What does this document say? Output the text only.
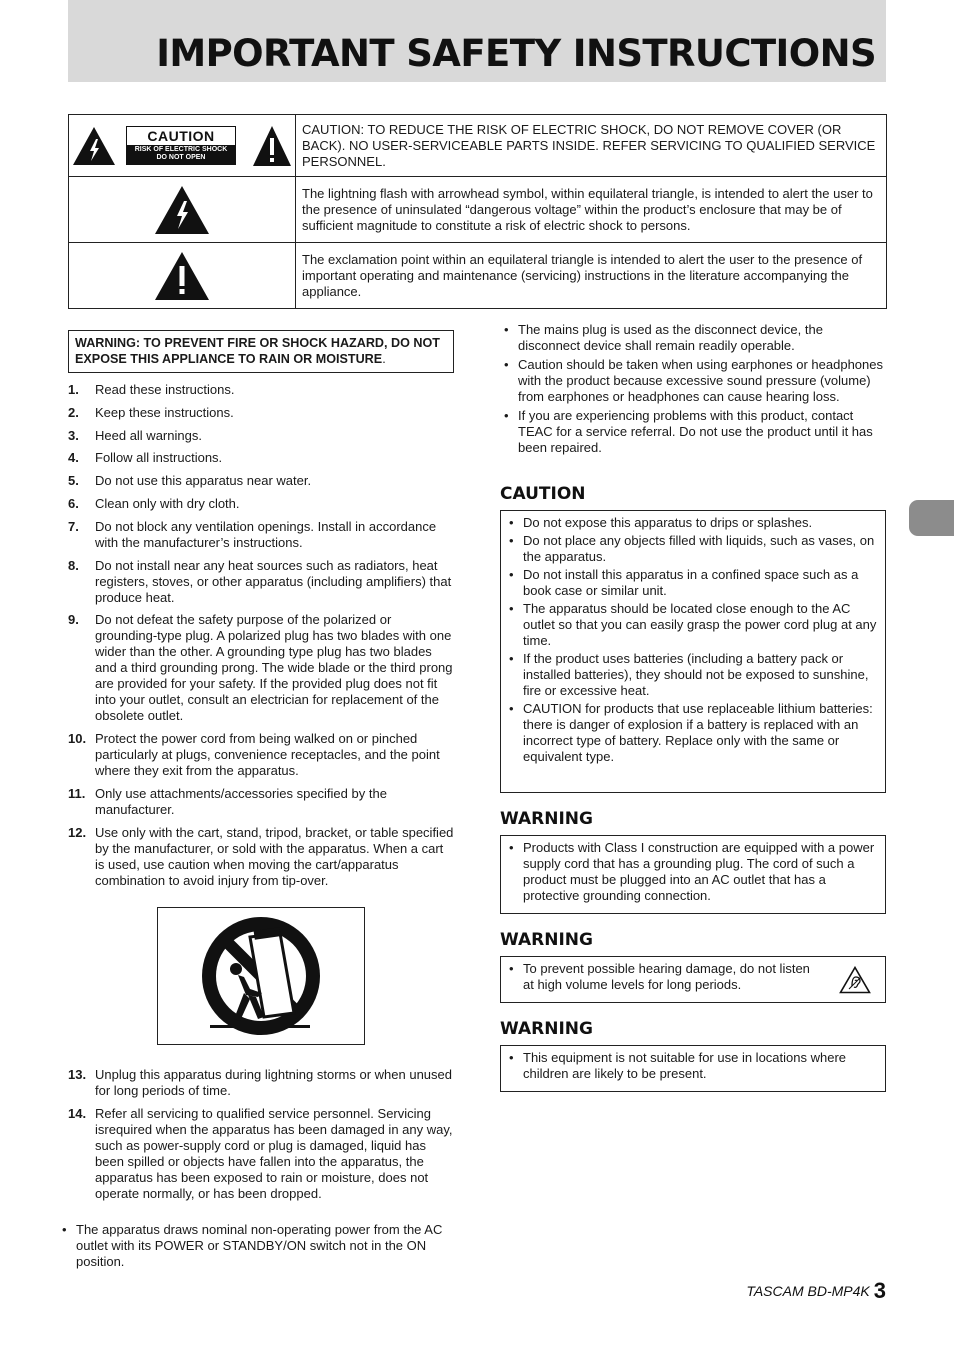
IMPORTANT SAFETY INSTRUCTIONS

CAUTION
RISK OF ELECTRIC SHOCK
DO NOT OPEN	CAUTION: TO REDUCE THE RISK OF ELECTRIC SHOCK, DO NOT REMOVE COVER (OR BACK). NO USER-SERVICEABLE PARTS INSIDE. REFER SERVICING TO QUALIFIED SERVICE PERSONNEL.
	The lightning flash with arrowhead symbol, within equilateral triangle, is intended to alert the user to the presence of uninsulated “dangerous voltage” within the product’s enclosure that may be of sufficient magnitude to constitute a risk of electric shock to persons.
	The exclamation point within an equilateral triangle is intended to alert the user to the presence of important operating and maintenance (servicing) instructions in the literature accompanying the appliance.
WARNING: TO PREVENT FIRE OR SHOCK HAZARD, DO NOT EXPOSE THIS APPLIANCE TO RAIN OR MOISTURE.
1. Read these instructions.
2. Keep these instructions.
3. Heed all warnings.
4. Follow all instructions.
5. Do not use this apparatus near water.
6. Clean only with dry cloth.
7. Do not block any ventilation openings. Install in accordance with the manufacturer’s instructions.
8. Do not install near any heat sources such as radiators, heat registers, stoves, or other apparatus (including amplifiers) that produce heat.
9. Do not defeat the safety purpose of the polarized or grounding-type plug. A polarized plug has two blades with one wider than the other. A grounding type plug has two blades and a third grounding prong. The wide blade or the third prong are provided for your safety. If the provided plug does not fit into your outlet, consult an electrician for replacement of the obsolete outlet.
10. Protect the power cord from being walked on or pinched particularly at plugs, convenience receptacles, and the point where they exit from the apparatus.
11. Only use attachments/accessories specified by the manufacturer.
12. Use only with the cart, stand, tripod, bracket, or table specified by the manufacturer, or sold with the apparatus. When a cart is used, use caution when moving the cart/apparatus combination to avoid injury from tip-over.
13. Unplug this apparatus during lightning storms or when unused for long periods of time.
14. Refer all servicing to qualified service personnel. Servicing isrequired when the apparatus has been damaged in any way, such as power-supply cord or plug is damaged, liquid has been spilled or objects have fallen into the apparatus, the apparatus has been exposed to rain or moisture, does not operate normally, or has been dropped.
• The apparatus draws nominal non-operating power from the AC outlet with its POWER or STANDBY/ON switch not in the ON position.
• The mains plug is used as the disconnect device, the disconnect device shall remain readily operable.
• Caution should be taken when using earphones or headphones with the product because excessive sound pressure (volume) from earphones or headphones can cause hearing loss.
• If you are experiencing problems with this product, contact TEAC for a service referral. Do not use the product until it has been repaired.
CAUTION
• Do not expose this apparatus to drips or splashes.
• Do not place any objects filled with liquids, such as vases, on the apparatus.
• Do not install this apparatus in a confined space such as a book case or similar unit.
• The apparatus should be located close enough to the AC outlet so that you can easily grasp the power cord plug at any time.
• If the product uses batteries (including a battery pack or installed batteries), they should not be exposed to sunshine, fire or excessive heat.
• CAUTION for products that use replaceable lithium batteries: there is danger of explosion if a battery is replaced with an incorrect type of battery. Replace only with the same or equivalent type.
WARNING
• Products with Class I construction are equipped with a power supply cord that has a grounding plug. The cord of such a product must be plugged into an AC outlet that has a protective grounding connection.
WARNING
• To prevent possible hearing damage, do not listen at high volume levels for long periods.
WARNING
• This equipment is not suitable for use in locations where children are likely to be present.
TASCAM BD-MP4K 3
